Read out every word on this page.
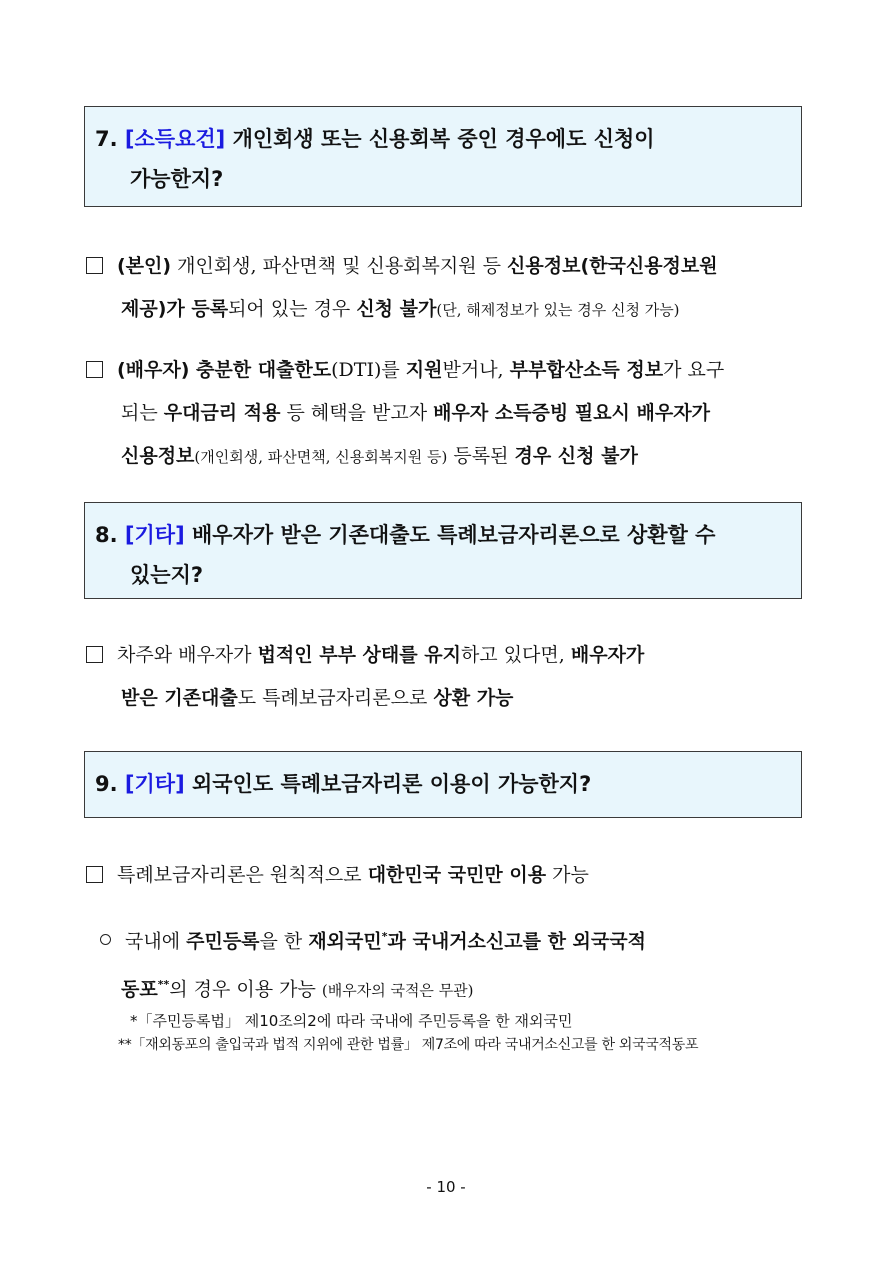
7. [소득요건] 개인회생 또는 신용회복 중인 경우에도 신청이
가능한지?
(본인) 개인회생, 파산면책 및 신용회복지원 등 신용정보(한국신용정보원
제공)가 등록되어 있는 경우 신청 불가(단, 해제정보가 있는 경우 신청 가능)
(배우자) 충분한 대출한도(DTI)를 지원받거나, 부부합산소득 정보가 요구
되는 우대금리 적용 등 혜택을 받고자 배우자 소득증빙 필요시 배우자가
신용정보(개인회생, 파산면책, 신용회복지원 등) 등록된 경우 신청 불가
8. [기타] 배우자가 받은 기존대출도 특례보금자리론으로 상환할 수
있는지?
차주와 배우자가 법적인 부부 상태를 유지하고 있다면, 배우자가
받은 기존대출도 특례보금자리론으로 상환 가능
9. [기타] 외국인도 특례보금자리론 이용이 가능한지?
특례보금자리론은 원칙적으로 대한민국 국민만 이용 가능
국내에 주민등록을 한 재외국민*과 국내거소신고를 한 외국국적
동포**의 경우 이용 가능 (배우자의 국적은 무관)
*「주민등록법」 제10조의2에 따라 국내에 주민등록을 한 재외국민
**「재외동포의 출입국과 법적 지위에 관한 법률」 제7조에 따라 국내거소신고를 한 외국국적동포
- 10 -
